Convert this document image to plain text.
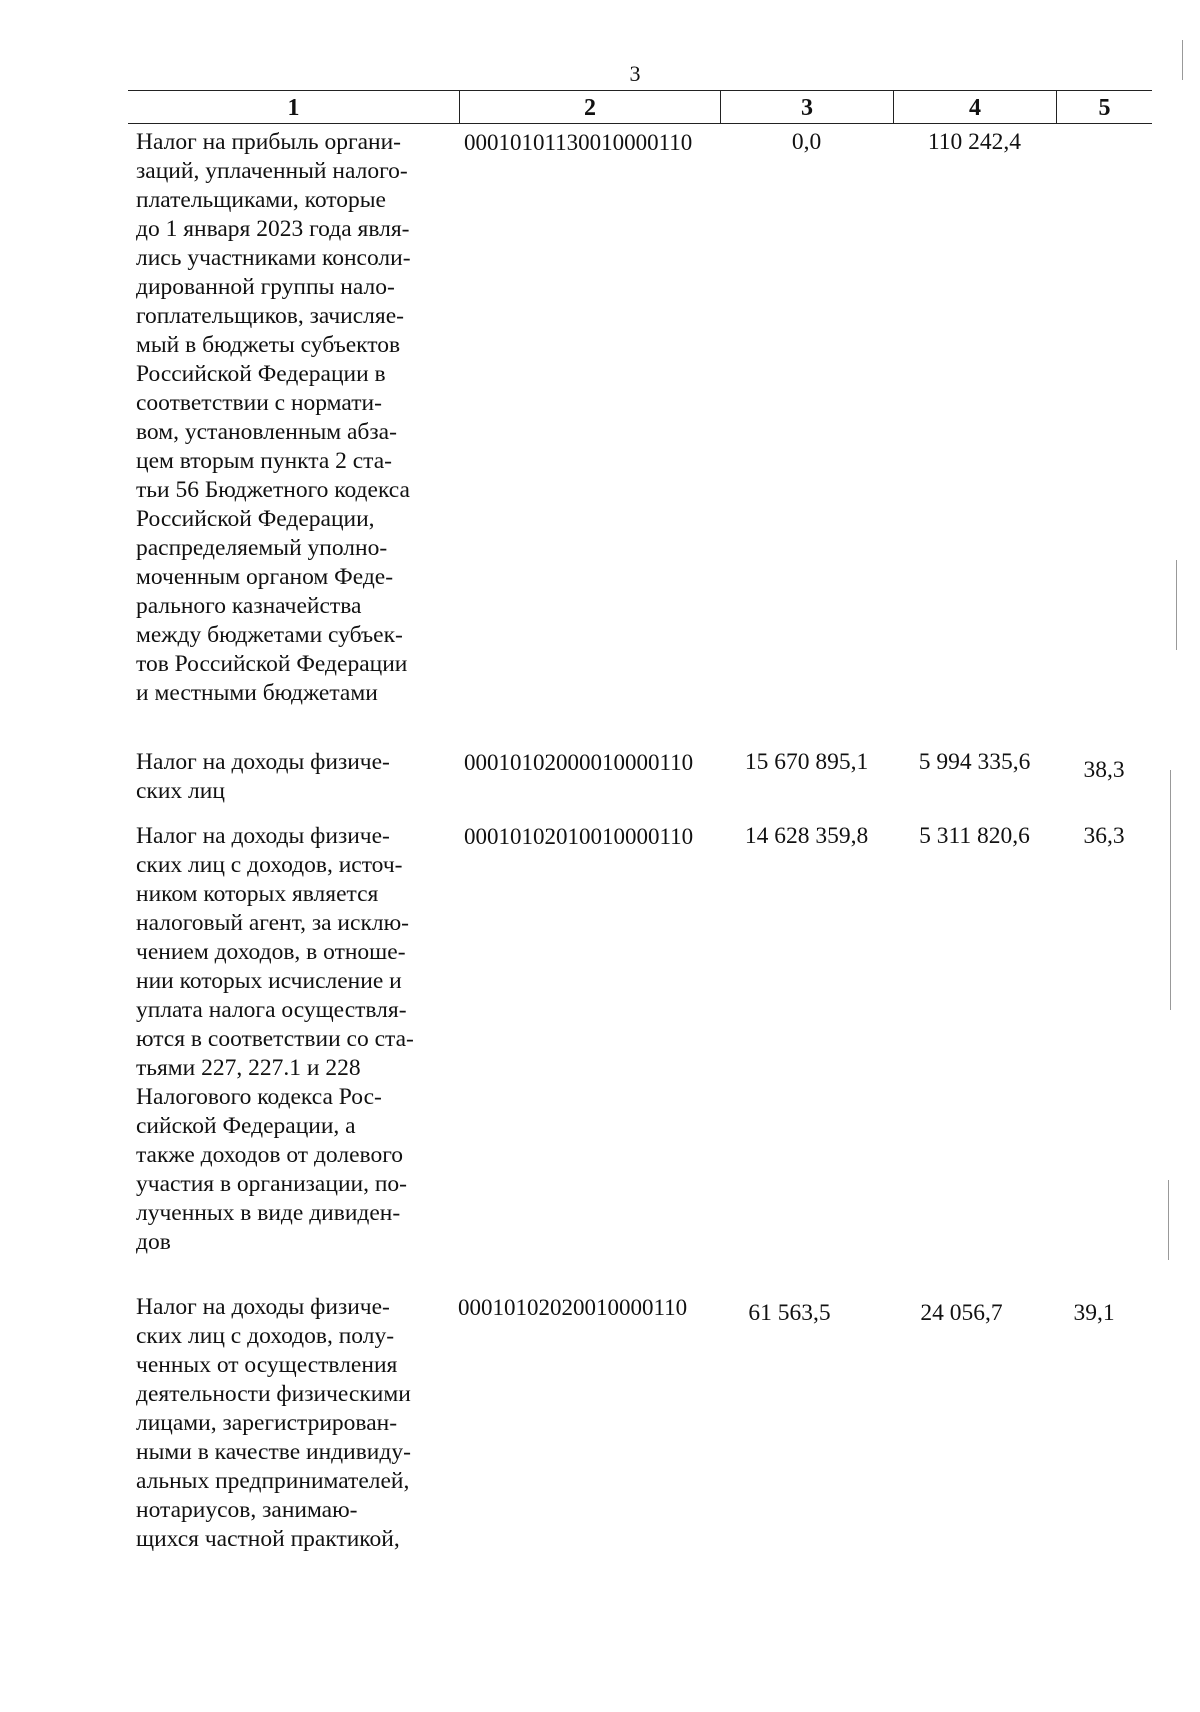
3
1	2	3	4	5
Налог на прибыль органи-
заций, уплаченный налого-
плательщиками, которые
до 1 января 2023 года явля-
лись участниками консоли-
дированной группы нало-
гоплательщиков, зачисляе-
мый в бюджеты субъектов
Российской Федерации в
соответствии с нормати-
вом, установленным абза-
цем вторым пункта 2 ста-
тьи 56 Бюджетного кодекса
Российской Федерации,
распределяемый уполно-
моченным органом Феде-
рального казначейства
между бюджетами субъек-
тов Российской Федерации
и местными бюджетами
00010101130010000110	0,0	110 242,4
Налог на доходы физиче-
ских лиц
00010102000010000110	15 670 895,1	5 994 335,6	38,3
Налог на доходы физиче-
ских лиц с доходов, источ-
ником которых является
налоговый агент, за исклю-
чением доходов, в отноше-
нии которых исчисление и
уплата налога осуществля-
ются в соответствии со ста-
тьями 227, 227.1 и 228
Налогового кодекса Рос-
сийской Федерации, а
также доходов от долевого
участия в организации, по-
лученных в виде дивиден-
дов
00010102010010000110	14 628 359,8	5 311 820,6	36,3
Налог на доходы физиче-
ских лиц с доходов, полу-
ченных от осуществления
деятельности физическими
лицами, зарегистрирован-
ными в качестве индивиду-
альных предпринимателей,
нотариусов, занимаю-
щихся частной практикой,
00010102020010000110	61 563,5	24 056,7	39,1
